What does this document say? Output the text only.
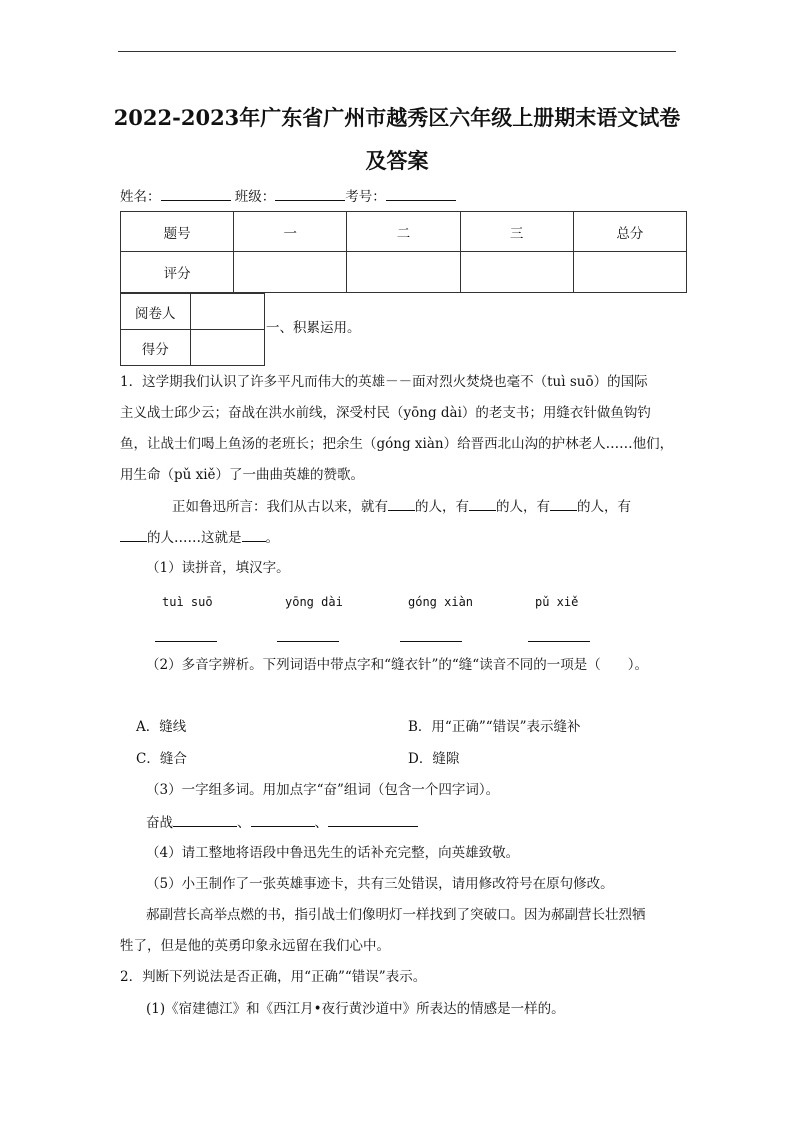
2022-2023年广东省广州市越秀区六年级上册期末语文试卷
及答案
姓名：	班级：	考号：
题号	一	二	三	总分
评分				
阅卷人	
得分	
一、积累运用。
1．这学期我们认识了许多平凡而伟大的英雄－－面对烈火焚烧也毫不（tuì suō）的国际
主义战士邱少云；奋战在洪水前线，深受村民（yōng dài）的老支书；用缝衣针做鱼钩钓
鱼，让战士们喝上鱼汤的老班长；把余生（góng xiàn）给晋西北山沟的护林老人……他们，
用生命（pǔ xiě）了一曲曲英雄的赞歌。
正如鲁迅所言：我们从古以来，就有 的人，有 的人，有 的人，有
的人……这就是 。
（1）读拼音，填汉字。
tuì suō	yōng dài	góng xiàn	pǔ xiě
（2）多音字辨析。下列词语中带点字和“缝衣针”的“缝“读音不同的一项是（　　）。
A．缝线	B．用“正确”“错误”表示缝补
C．缝合	D．缝隙
（3）一字组多词。用加点字“奋”组词（包含一个四字词）。
奋战	、	、
（4）请工整地将语段中鲁迅先生的话补充完整，向英雄致敬。
（5）小王制作了一张英雄事迹卡，共有三处错误，请用修改符号在原句修改。
郝副营长高举点燃的书，指引战士们像明灯一样找到了突破口。因为郝副营长壮烈牺
牲了，但是他的英勇印象永远留在我们心中。
2．判断下列说法是否正确，用“正确”“错误”表示。
(1)《宿建德江》和《西江月•夜行黄沙道中》所表达的情感是一样的。
